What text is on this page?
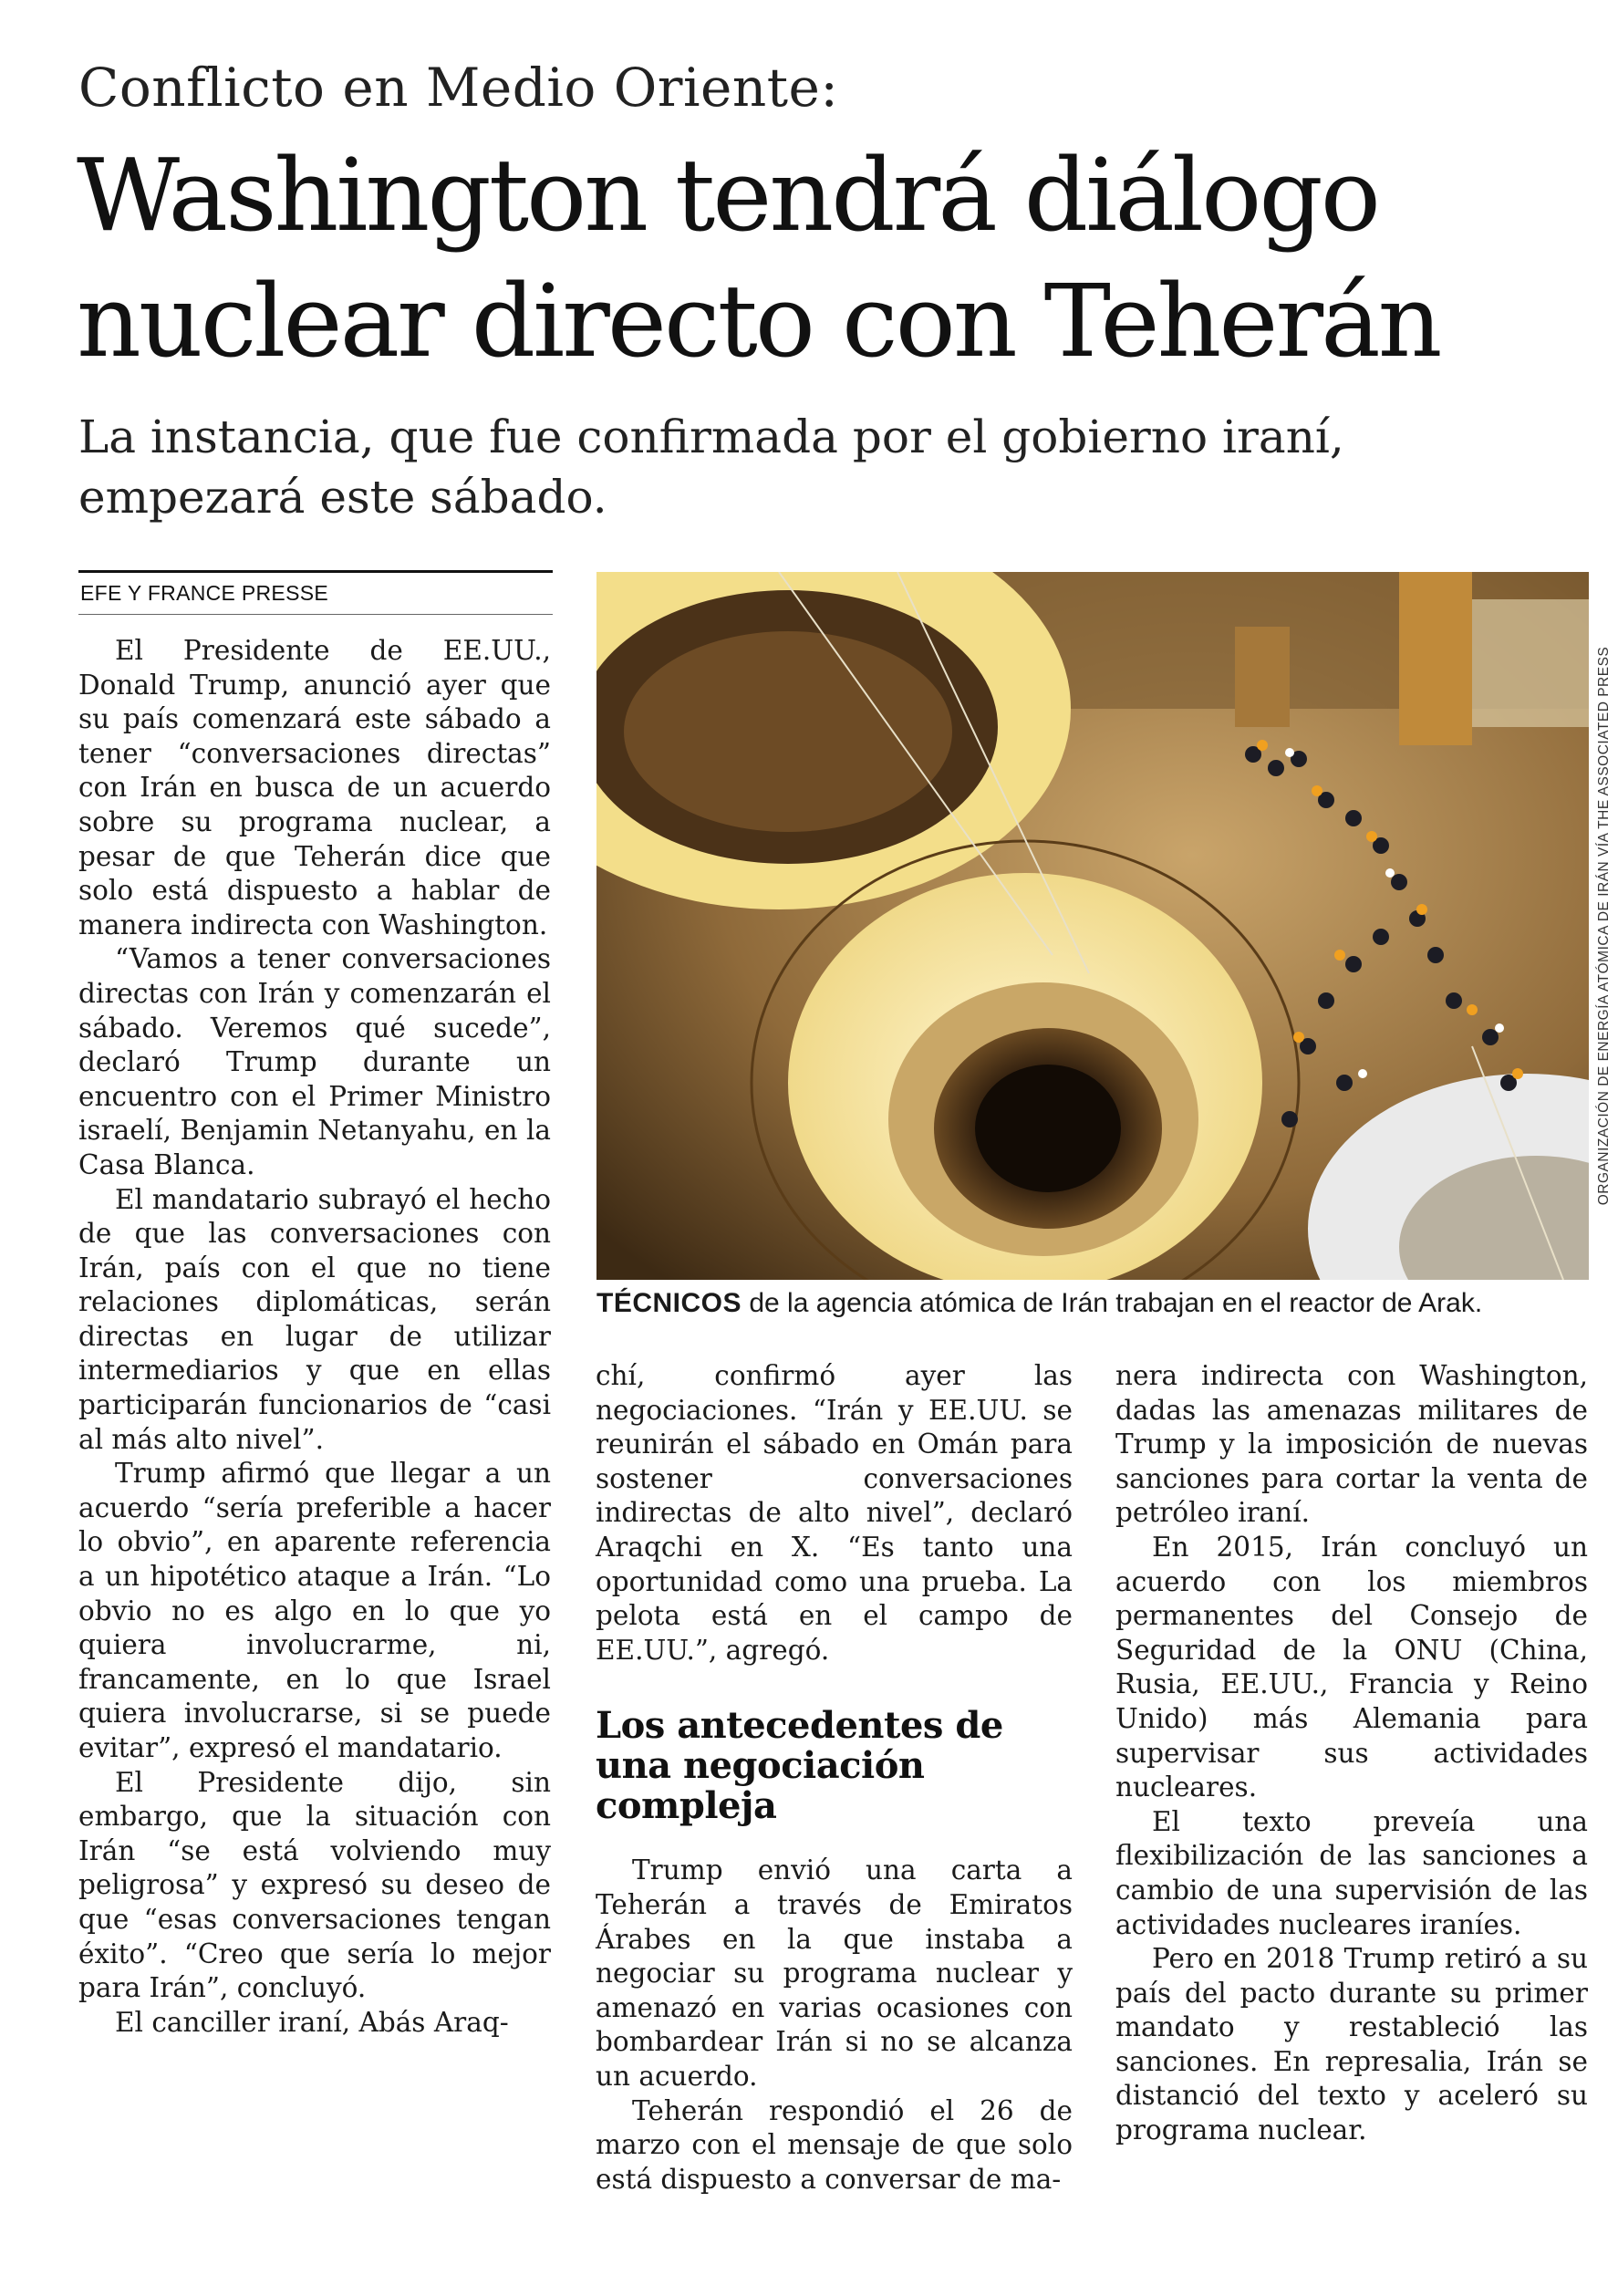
Conflicto en Medio Oriente:
Washington tendrá diálogo
nuclear directo con Teherán
La instancia, que fue confirmada por el gobierno iraní,
empezará este sábado.
EFE Y FRANCE PRESSE
El Presidente de EE.UU., Donald Trump, anunció ayer que su país comenzará este sábado a tener “conversaciones directas” con Irán en busca de un acuerdo sobre su programa nuclear, a pesar de que Teherán dice que solo está dispuesto a hablar de manera indirecta con Washington.
“Vamos a tener conversaciones directas con Irán y comenzarán el sábado. Veremos qué sucede”, declaró Trump durante un encuentro con el Primer Ministro israelí, Benjamin Netanyahu, en la Casa Blanca.
El mandatario subrayó el hecho de que las conversaciones con Irán, país con el que no tiene relaciones diplomáticas, serán directas en lugar de utilizar intermediarios y que en ellas participarán funcionarios de “casi al más alto nivel”.
Trump afirmó que llegar a un acuerdo “sería preferible a hacer lo obvio”, en aparente referencia a un hipotético ataque a Irán. “Lo obvio no es algo en lo que yo quiera involucrarme, ni, francamente, en lo que Israel quiera involucrarse, si se puede evitar”, expresó el mandatario.
El Presidente dijo, sin embargo, que la situación con Irán “se está volviendo muy peligrosa” y expresó su deseo de que “esas conversaciones tengan éxito”. “Creo que sería lo mejor para Irán”, concluyó.
El canciller iraní, Abás Araq-
ORGANIZACIÓN DE ENERGÍA ATÓMICA DE IRÁN VÍA THE ASSOCIATED PRESS
TÉCNICOS de la agencia atómica de Irán trabajan en el reactor de Arak.
chí, confirmó ayer las negociaciones. “Irán y EE.UU. se reunirán el sábado en Omán para sostener conversaciones indirectas de alto nivel”, declaró Araqchi en X. “Es tanto una oportunidad como una prueba. La pelota está en el campo de EE.UU.”, agregó.
Los antecedentes de una negociación compleja
Trump envió una carta a Teherán a través de Emiratos Árabes en la que instaba a negociar su programa nuclear y amenazó en varias ocasiones con bombardear Irán si no se alcanza un acuerdo.
Teherán respondió el 26 de marzo con el mensaje de que solo está dispuesto a conversar de ma-
nera indirecta con Washington, dadas las amenazas militares de Trump y la imposición de nuevas sanciones para cortar la venta de petróleo iraní.
En 2015, Irán concluyó un acuerdo con los miembros permanentes del Consejo de Seguridad de la ONU (China, Rusia, EE.UU., Francia y Reino Unido) más Alemania para supervisar sus actividades nucleares.
El texto preveía una flexibilización de las sanciones a cambio de una supervisión de las actividades nucleares iraníes.
Pero en 2018 Trump retiró a su país del pacto durante su primer mandato y restableció las sanciones. En represalia, Irán se distanció del texto y aceleró su programa nuclear.
